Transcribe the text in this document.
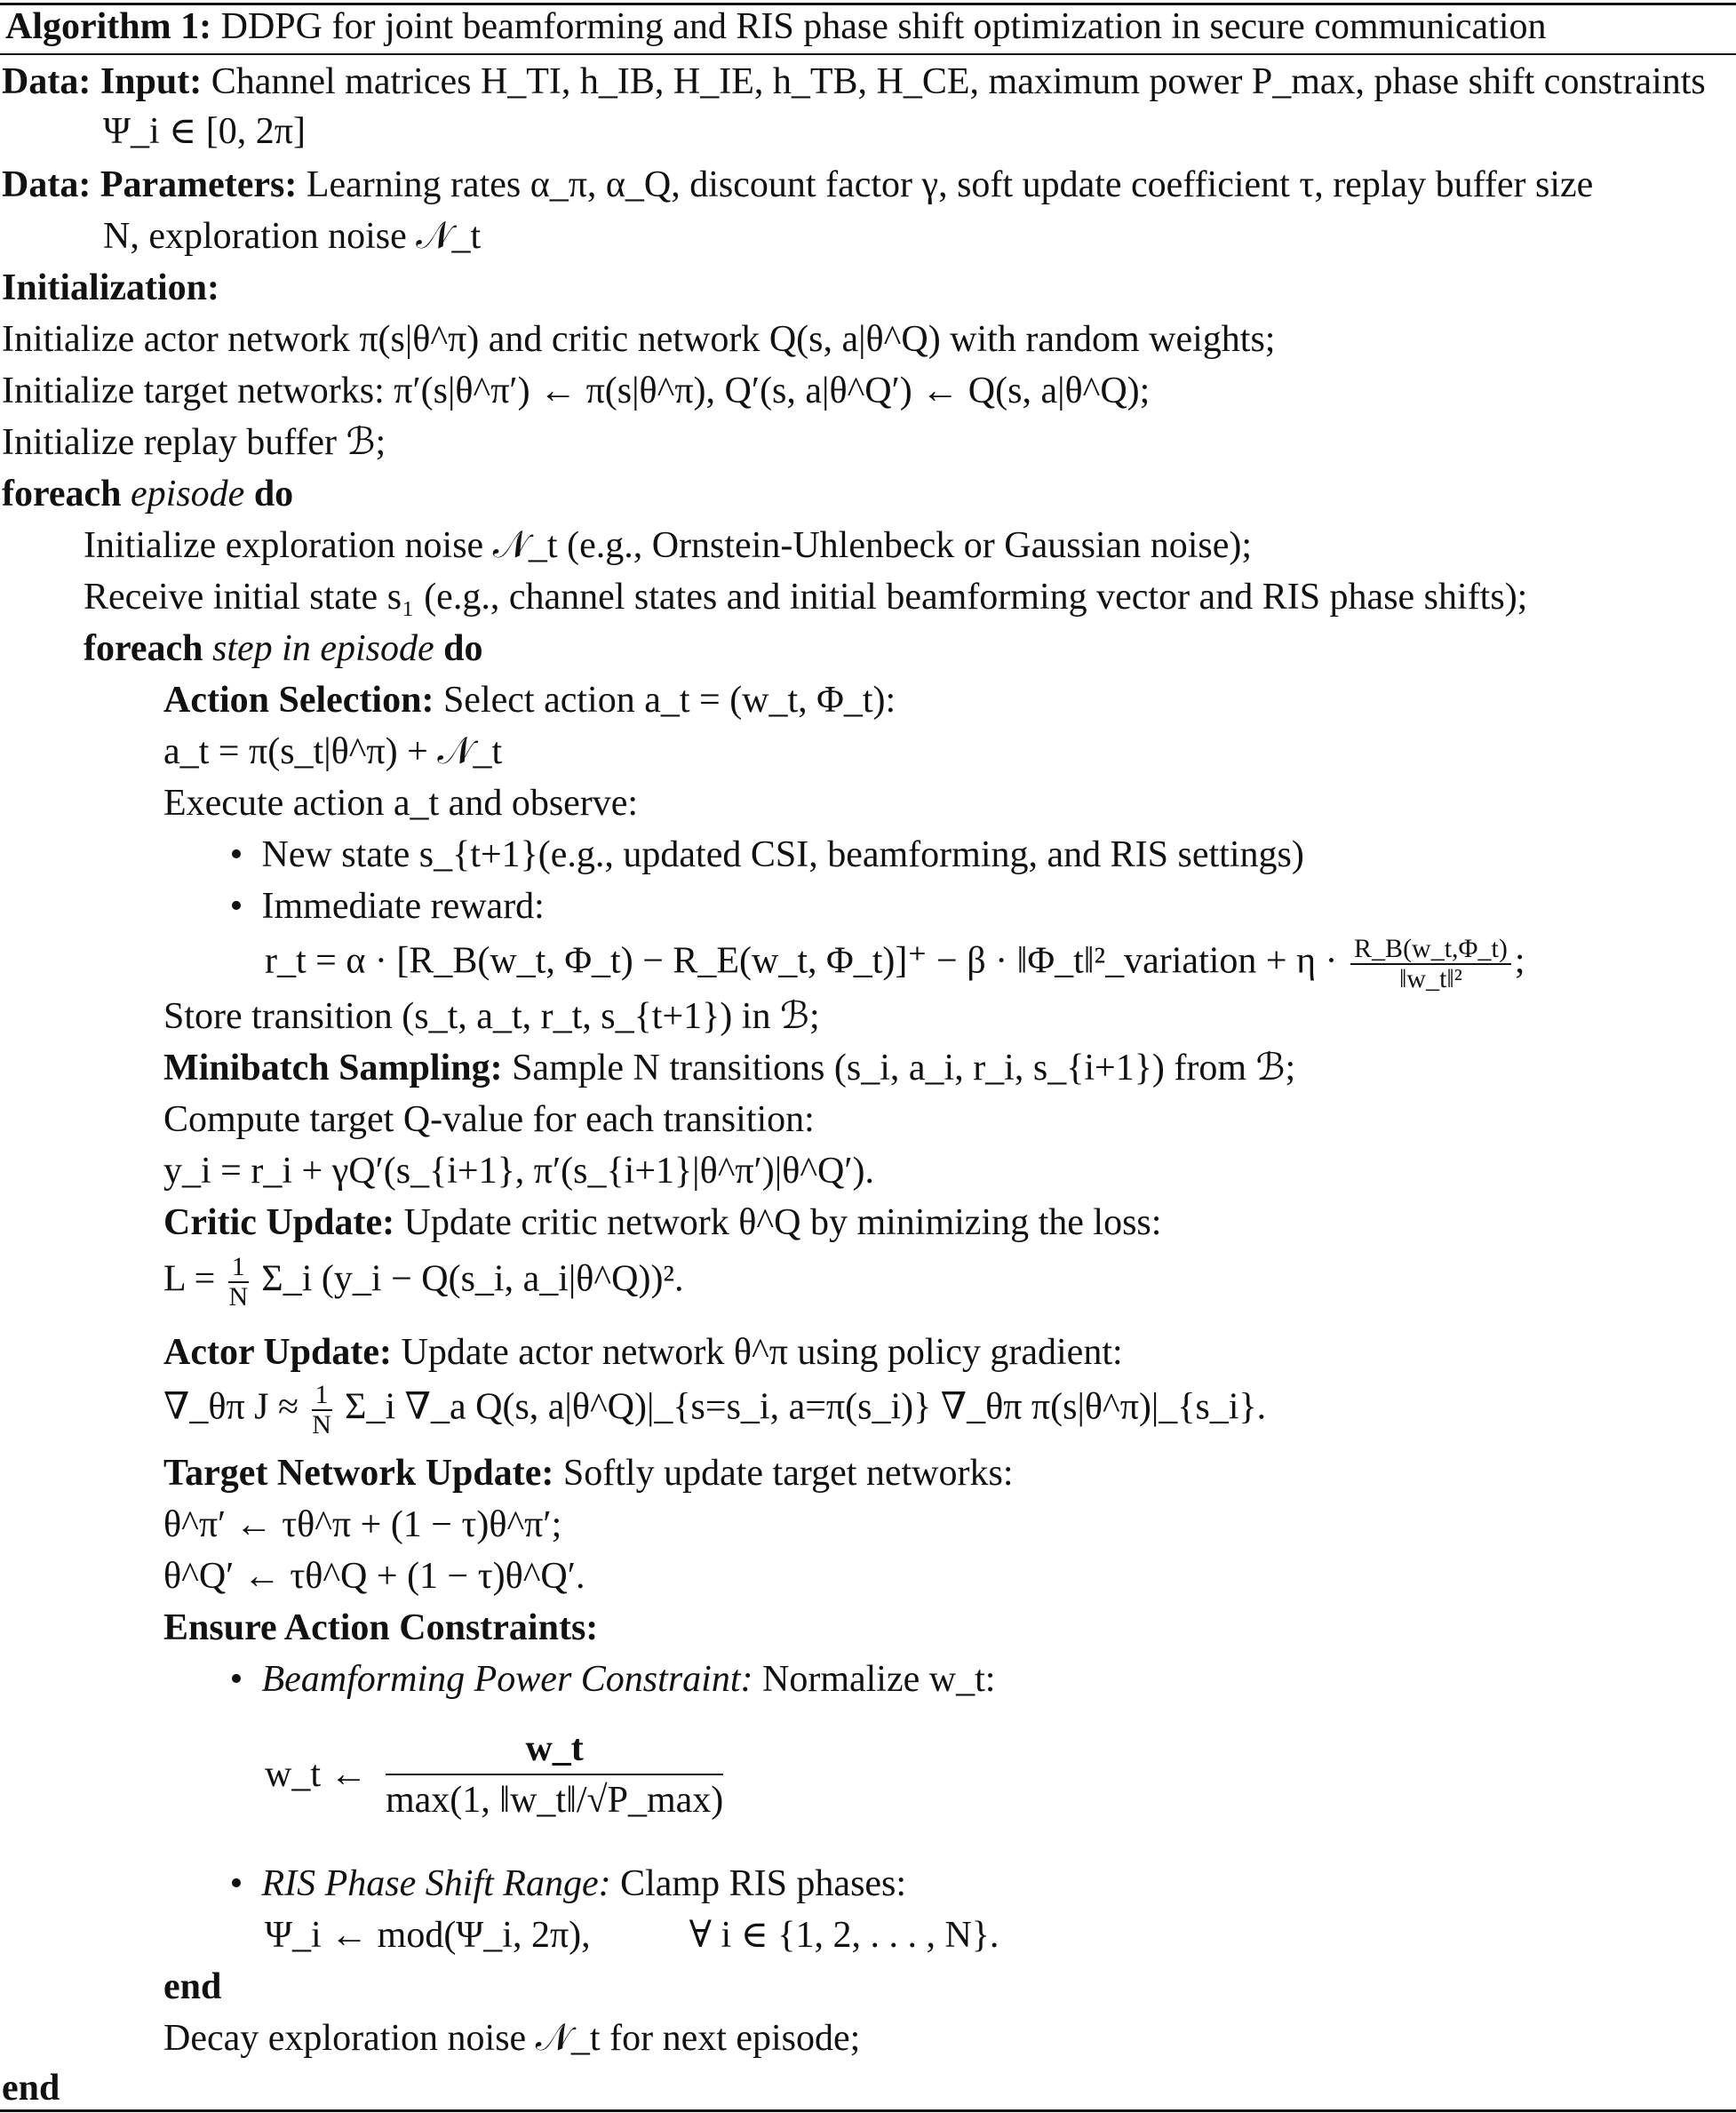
Algorithm 1: DDPG for joint beamforming and RIS phase shift optimization in secure communication
Data: Input: Channel matrices H_TI, h_IB, H_IE, h_TB, H_CE, maximum power P_max, phase shift constraints
Ψ_i ∈ [0, 2π]
Data: Parameters: Learning rates α_π, α_Q, discount factor γ, soft update coefficient τ, replay buffer size
N, exploration noise 𝒩_t
Initialization:
Initialize actor network π(s|θ^π) and critic network Q(s, a|θ^Q) with random weights;
Initialize target networks: π′(s|θ^π′) ← π(s|θ^π), Q′(s, a|θ^Q′) ← Q(s, a|θ^Q);
Initialize replay buffer ℬ;
foreach episode do
Initialize exploration noise 𝒩_t (e.g., Ornstein-Uhlenbeck or Gaussian noise);
Receive initial state s₁ (e.g., channel states and initial beamforming vector and RIS phase shifts);
foreach step in episode do
Action Selection: Select action a_t = (w_t, Φ_t):
a_t = π(s_t|θ^π) + 𝒩_t
Execute action a_t and observe:
• New state s_{t+1}(e.g., updated CSI, beamforming, and RIS settings)
• Immediate reward:
r_t = α · [R_B(w_t, Φ_t) − R_E(w_t, Φ_t)]⁺ − β · ‖Φ_t‖²_variation + $\eta \cdot \frac{R\_B(w\_t,\Phi\_t)}{\text{‖w\_t‖²}}$ ;
Store transition (s_t, a_t, r_t, s_{t+1}) in ℬ;
Minibatch Sampling: Sample N transitions (s_i, a_i, r_i, s_{i+1}) from ℬ;
Compute target Q-value for each transition:
y_i = r_i + γQ′(s_{i+1}, π′(s_{i+1}|θ^π′)|θ^Q′).
Critic Update: Update critic network θ^Q by minimizing the loss:
$L = \frac{1}{N}$ Σ_i (y_i − Q(s_i, a_i|θ^Q))².
Actor Update: Update actor network θ^π using policy gradient:
∇_θπ $J \approx \frac{1}{N}$ Σ_i ∇_a Q(s, a|θ^Q)|_{s=s_i, a=π(s_i)} ∇_θπ π(s|θ^π)|_{s_i}.
Target Network Update: Softly update target networks:
θ^π′ ← τθ^π + (1 − τ)θ^π′;
θ^Q′ ← τθ^Q + (1 − τ)θ^Q′.
Ensure Action Constraints:
• Beamforming Power Constraint: Normalize w_t:
w_t ←
w_t
max(1, ‖w_t‖/√P_max)
• RIS Phase Shift Range: Clamp RIS phases:
Ψ_i ← mod(Ψ_i, 2π),	∀ i ∈ {1, 2, . . . , N}.
end
Decay exploration noise 𝒩_t for next episode;
end
